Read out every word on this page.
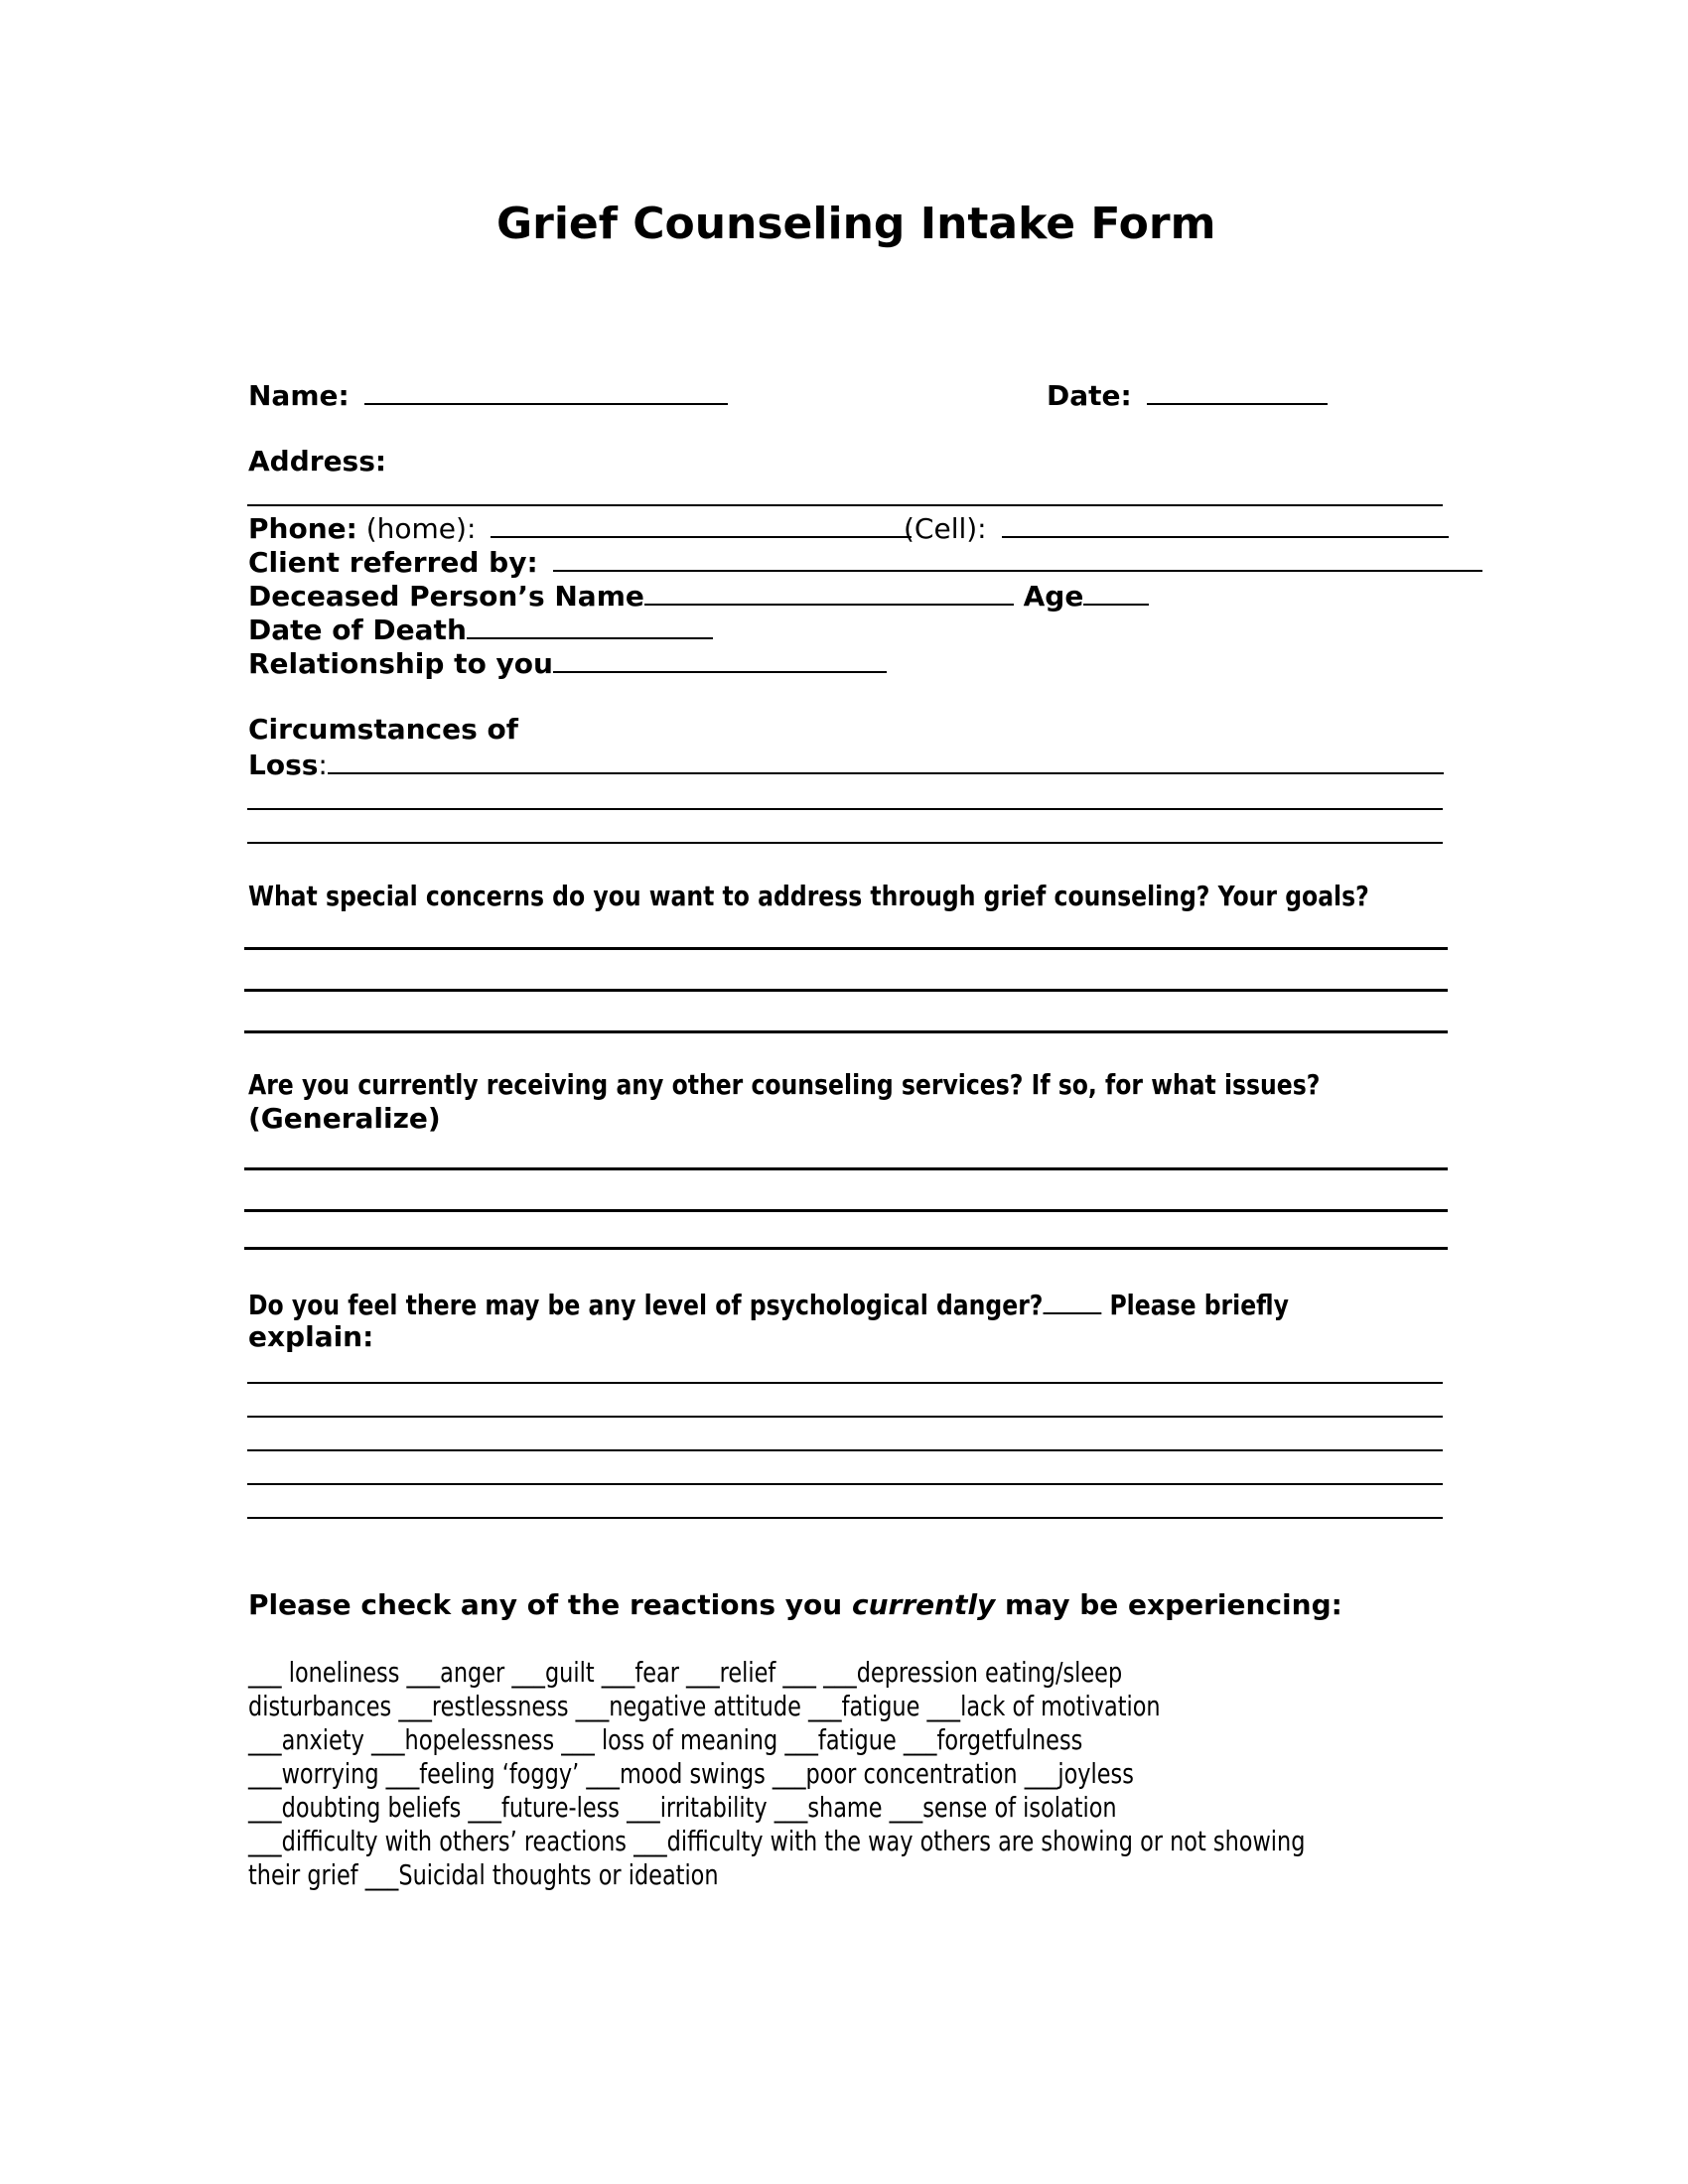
Grief Counseling Intake Form
Name:	Date:
Address:
Phone: (home):	(Cell):
Client referred by:
Deceased Person’s Name	Age
Date of Death
Relationship to you
Circumstances of
Loss:
What special concerns do you want to address through grief counseling? Your goals?
Are you currently receiving any other counseling services? If so, for what issues?
(Generalize)
Do you feel there may be any level of psychological danger? Please briefly
explain:
Please check any of the reactions you currently may be experiencing:
___ loneliness ___anger ___guilt ___fear ___relief ___ ___depression eating/sleep
disturbances ___restlessness ___negative attitude ___fatigue ___lack of motivation
___anxiety ___hopelessness ___ loss of meaning ___fatigue ___forgetfulness
___worrying ___feeling ‘foggy’ ___mood swings ___poor concentration ___joyless
___doubting beliefs ___future-less ___irritability ___shame ___sense of isolation
___difficulty with others’ reactions ___difficulty with the way others are showing or not showing
their grief ___Suicidal thoughts or ideation
